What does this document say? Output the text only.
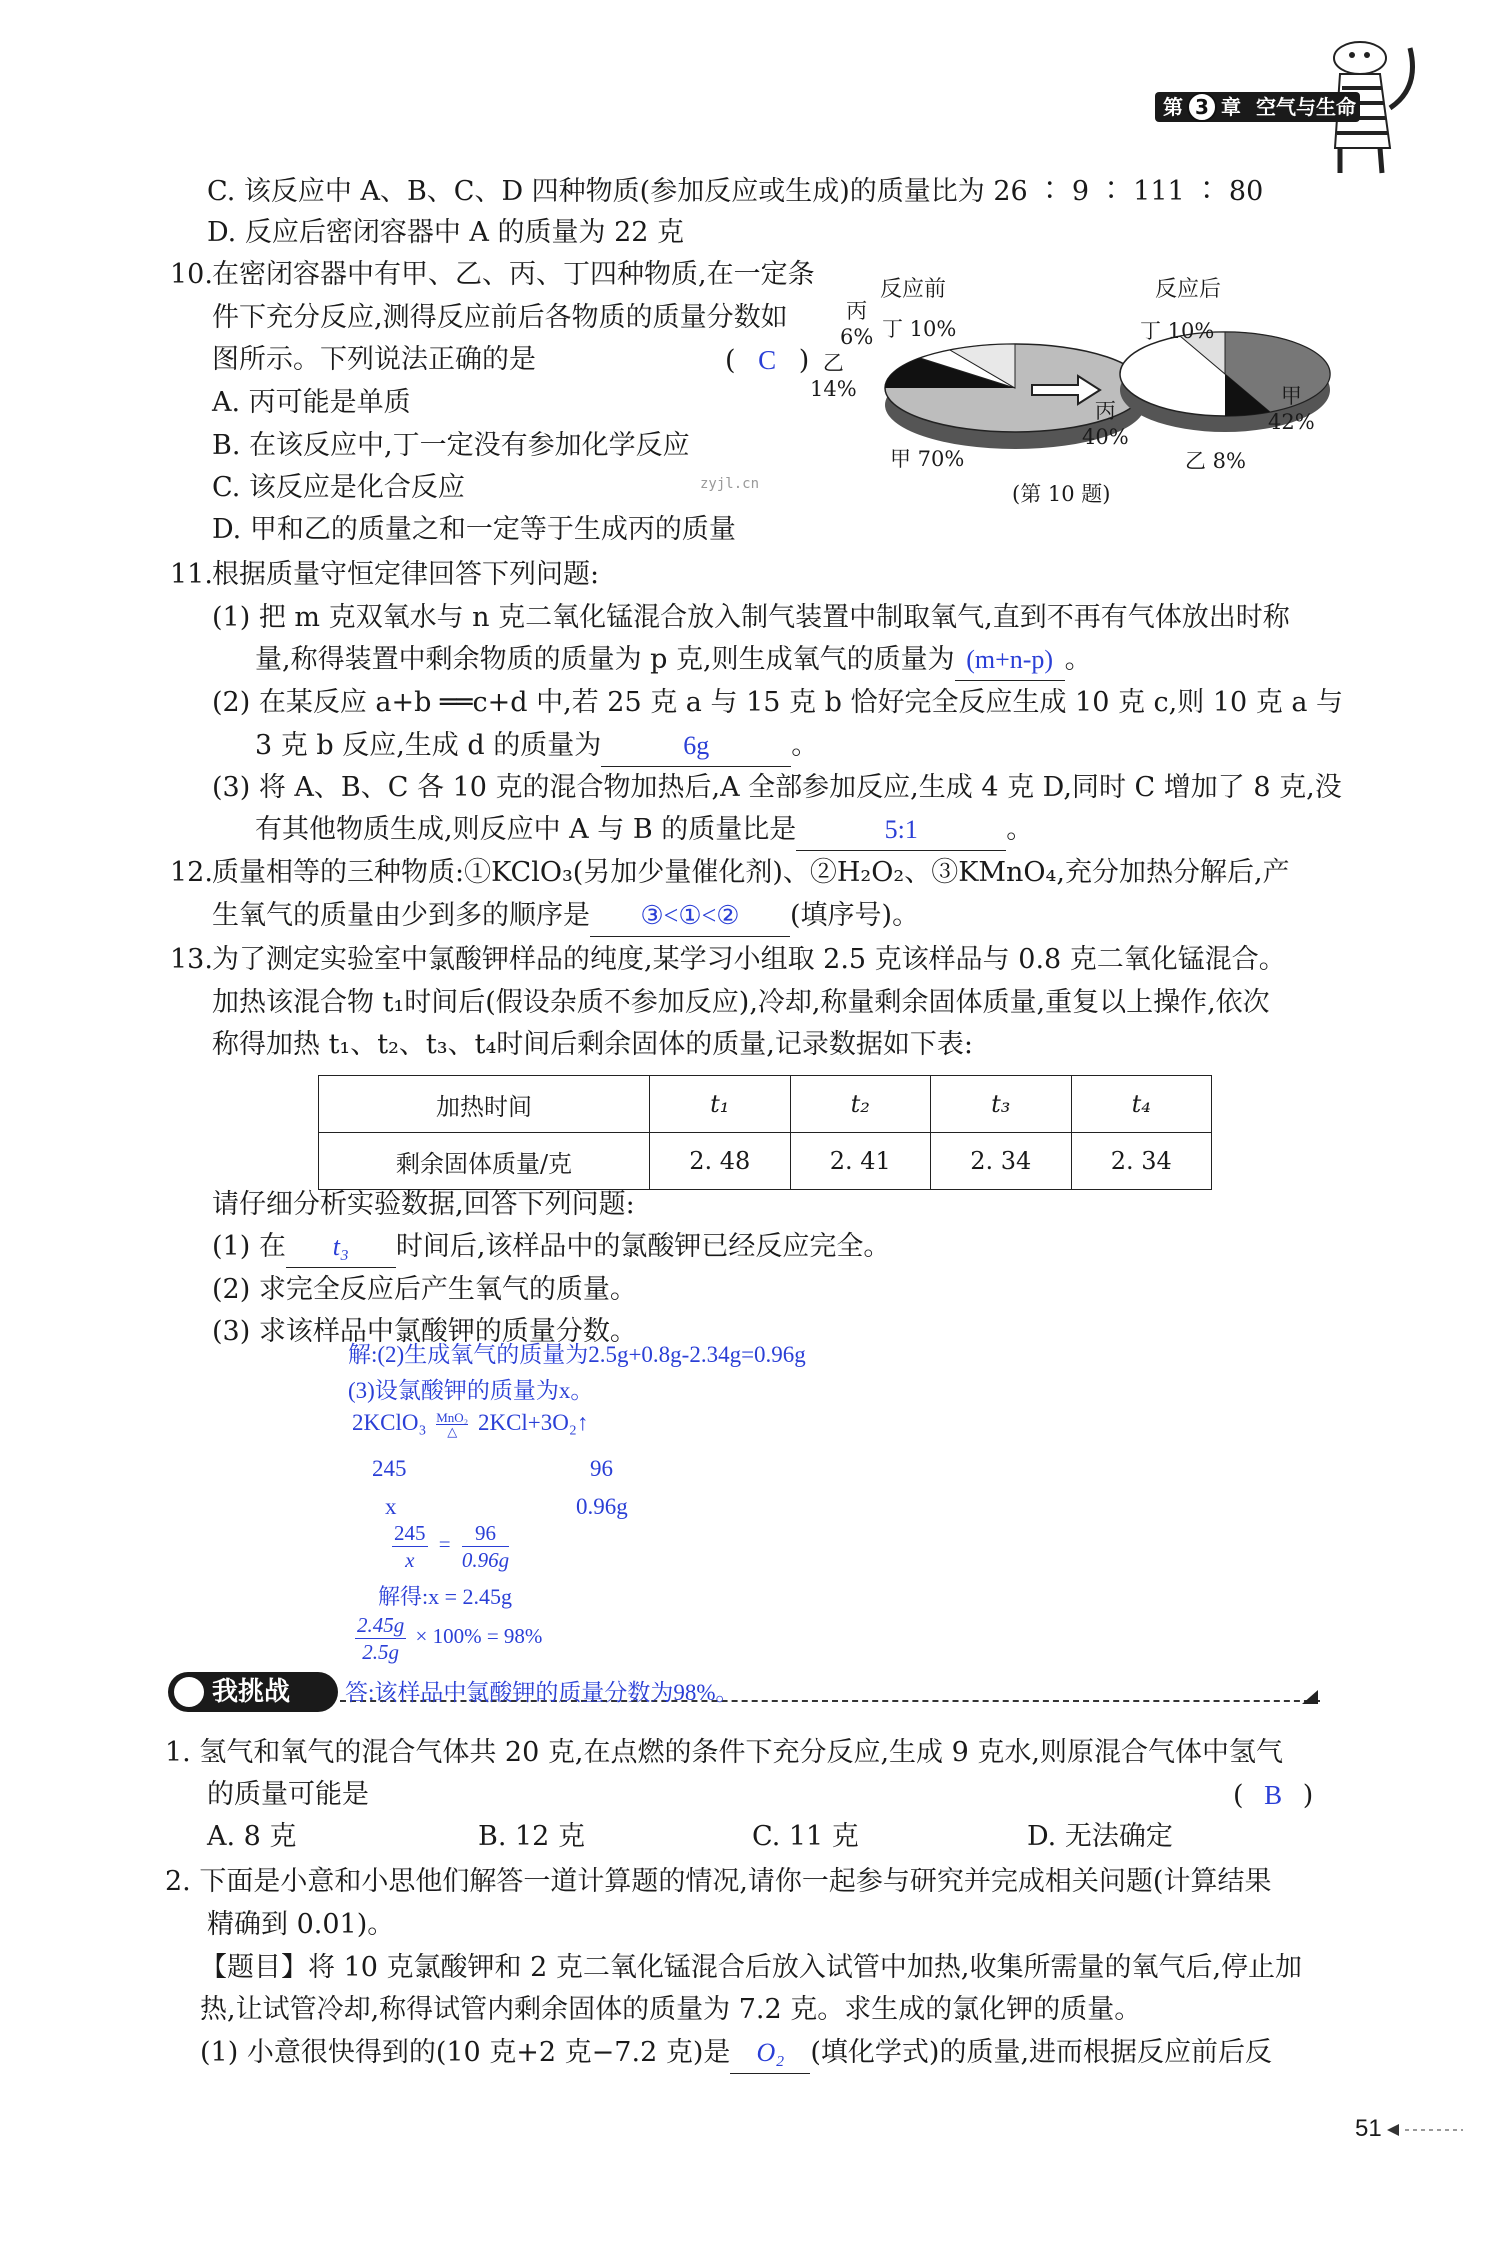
第 3 章 空气与生命
C. 该反应中 A、B、C、D 四种物质(参加反应或生成)的质量比为 26 ∶ 9 ∶ 111 ∶ 80
D. 反应后密闭容器中 A 的质量为 22 克
10. 在密闭容器中有甲、乙、丙、丁四种物质,在一定条
件下充分反应,测得反应前后各物质的质量分数如
图所示。下列说法正确的是	( C )
A. 丙可能是单质
B. 在该反应中,丁一定没有参加化学反应
C. 该反应是化合反应
D. 甲和乙的质量之和一定等于生成丙的质量
反应前	反应后
丙
6% 丁 10%
乙
14%
甲 70%
丁 10%
甲
42%
丙
40%
乙 8%
zyjl.cn	(第 10 题)
11. 根据质量守恒定律回答下列问题:
(1) 把 m 克双氧水与 n 克二氧化锰混合放入制气装置中制取氧气,直到不再有气体放出时称
量,称得装置中剩余物质的质量为 p 克,则生成氧气的质量为 (m+n-p) 。
(2) 在某反应 a+b ══c+d 中,若 25 克 a 与 15 克 b 恰好完全反应生成 10 克 c,则 10 克 a 与
3 克 b 反应,生成 d 的质量为	6g	。
(3) 将 A、B、C 各 10 克的混合物加热后,A 全部参加反应,生成 4 克 D,同时 C 增加了 8 克,没
有其他物质生成,则反应中 A 与 B 的质量比是	5:1	。
12. 质量相等的三种物质:①KClO₃(另加少量催化剂)、②H₂O₂、③KMnO₄,充分加热分解后,产
生氧气的质量由少到多的顺序是 ③<①<② (填序号)。
13. 为了测定实验室中氯酸钾样品的纯度,某学习小组取 2.5 克该样品与 0.8 克二氧化锰混合。
加热该混合物 t₁时间后(假设杂质不参加反应),冷却,称量剩余固体质量,重复以上操作,依次
称得加热 t₁、t₂、t₃、t₄时间后剩余固体的质量,记录数据如下表:
加热时间	t₁	t₂	t₃	t₄
剩余固体质量/克	2. 48	2. 41	2. 34	2. 34
请仔细分析实验数据,回答下列问题:
(1) 在 t₃ 时间后,该样品中的氯酸钾已经反应完全。
(2) 求完全反应后产生氧气的质量。
(3) 求该样品中氯酸钾的质量分数。
解:(2)生成氧气的质量为2.5g+0.8g-2.34g=0.96g
(3)设氯酸钾的质量为x。
2KClO₃ MnO₂
△ 2KCl+3O₂↑
245	96
x	0.96g
$\frac{245}{x} = \frac{96}{0.96g}$
解得:x = 2.45g
$\frac{2.45g}{2.5g} \times 100\% = 98\%$
我挑战	答:该样品中氯酸钾的质量分数为98%。
1. 氢气和氧气的混合气体共 20 克,在点燃的条件下充分反应,生成 9 克水,则原混合气体中氢气
的质量可能是	( B )
A. 8 克	B. 12 克	C. 11 克	D. 无法确定
2. 下面是小意和小思他们解答一道计算题的情况,请你一起参与研究并完成相关问题(计算结果
精确到 0.01)。
【题目】将 10 克氯酸钾和 2 克二氧化锰混合后放入试管中加热,收集所需量的氧气后,停止加
热,让试管冷却,称得试管内剩余固体的质量为 7.2 克。求生成的氯化钾的质量。
(1) 小意很快得到的(10 克+2 克−7.2 克)是 O₂ (填化学式)的质量,进而根据反应前后反
51
